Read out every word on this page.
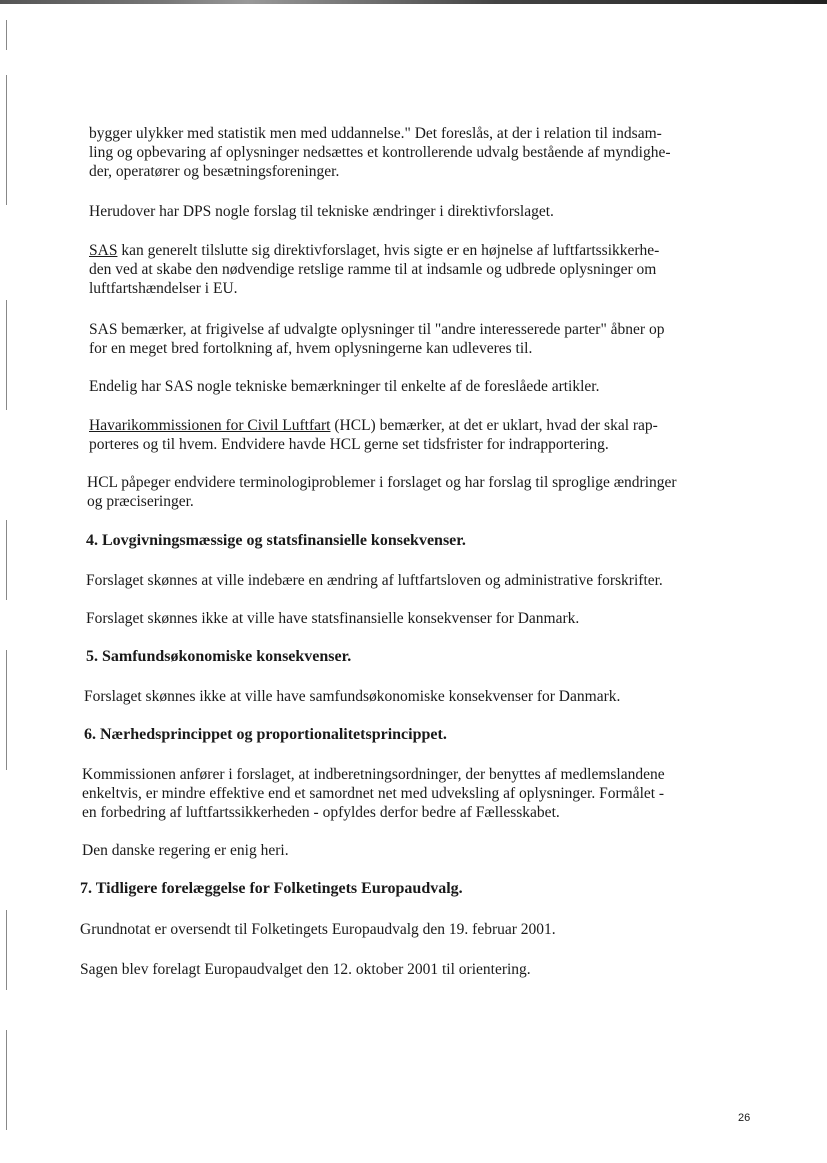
bygger ulykker med statistik men med uddannelse." Det foreslås, at der i relation til indsam-

ling og opbevaring af oplysninger nedsættes et kontrollerende udvalg bestående af myndighe-

der, operatører og besætningsforeninger.

Herudover har DPS nogle forslag til tekniske ændringer i direktivforslaget.

SAS kan generelt tilslutte sig direktivforslaget, hvis sigte er en højnelse af luftfartssikkerhe-

den ved at skabe den nødvendige retslige ramme til at indsamle og udbrede oplysninger om

luftfartshændelser i EU.

SAS bemærker, at frigivelse af udvalgte oplysninger til "andre interesserede parter" åbner op

for en meget bred fortolkning af, hvem oplysningerne kan udleveres til.

Endelig har SAS nogle tekniske bemærkninger til enkelte af de foreslåede artikler.

Havarikommissionen for Civil Luftfart (HCL) bemærker, at det er uklart, hvad der skal rap-

porteres og til hvem. Endvidere havde HCL gerne set tidsfrister for indrapportering.

HCL påpeger endvidere terminologiproblemer i forslaget og har forslag til sproglige ændringer

og præciseringer.

4. Lovgivningsmæssige og statsfinansielle konsekvenser.

Forslaget skønnes at ville indebære en ændring af luftfartsloven og administrative forskrifter.

Forslaget skønnes ikke at ville have statsfinansielle konsekvenser for Danmark.

5. Samfundsøkonomiske konsekvenser.

Forslaget skønnes ikke at ville have samfundsøkonomiske konsekvenser for Danmark.

6. Nærhedsprincippet og proportionalitetsprincippet.

Kommissionen anfører i forslaget, at indberetningsordninger, der benyttes af medlemslandene

enkeltvis, er mindre effektive end et samordnet net med udveksling af oplysninger. Formålet -

en forbedring af luftfartssikkerheden - opfyldes derfor bedre af Fællesskabet.

Den danske regering er enig heri.

7. Tidligere forelæggelse for Folketingets Europaudvalg.

Grundnotat er oversendt til Folketingets Europaudvalg den 19. februar 2001.

Sagen blev forelagt Europaudvalget den 12. oktober 2001 til orientering.

26
